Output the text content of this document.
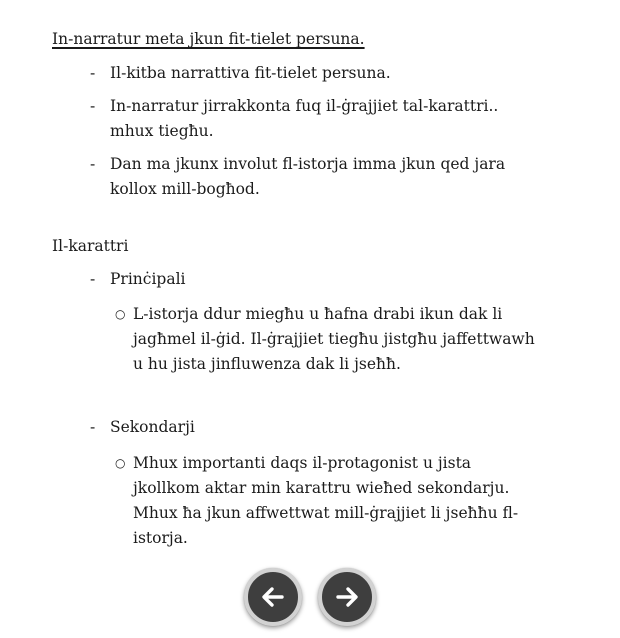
In-narratur meta jkun fit-tielet persuna.
- Il-kitba narrattiva fit-tielet persuna.
- In-narratur jirrakkonta fuq il-ġrajjiet tal-karattri..
mhux tiegħu.
- Dan ma jkunx involut fl-istorja imma jkun qed jara
kollox mill-bogħod.
Il-karattri
- Prinċipali
○ L-istorja ddur miegħu u ħafna drabi ikun dak li
jagħmel il-ġid. Il-ġrajjiet tiegħu jistgħu jaffettwawh
u hu jista jinfluwenza dak li jseħħ.
- Sekondarji
○ Mhux importanti daqs il-protagonist u jista
jkollkom aktar min karattru wieħed sekondarju.
Mhux ħa jkun affwettwat mill-ġrajjiet li jseħħu fl-
istorja.
